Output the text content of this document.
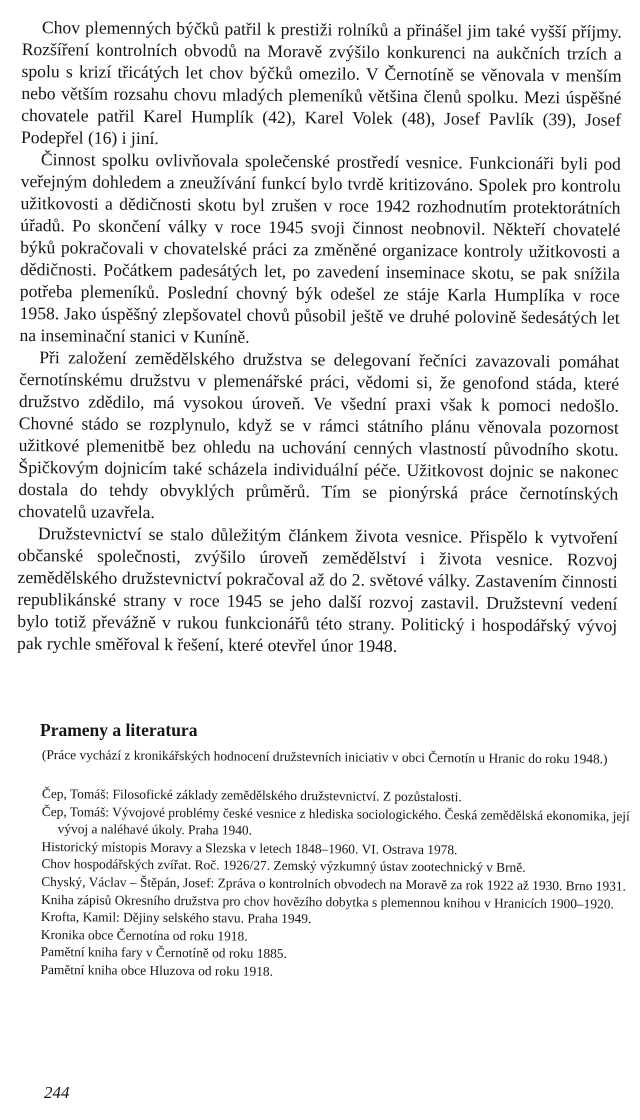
Chov plemenných býčků patřil k prestiži rolníků a přinášel jim také vyšší příjmy. Rozšíření kontrolních obvodů na Moravě zvýšilo konkurenci na aukčních trzích a spolu s krizí třicátých let chov býčků omezilo. V Černotíně se věnovala v menším nebo větším rozsahu chovu mladých plemeníků většina členů spolku. Mezi úspěšné chovatele patřil Karel Humplík (42), Karel Volek (48), Josef Pavlík (39), Josef Podepřel (16) i jiní.

Činnost spolku ovlivňovala společenské prostředí vesnice. Funkcionáři byli pod veřejným dohledem a zneužívání funkcí bylo tvrdě kritizováno. Spolek pro kontrolu užitkovosti a dědičnosti skotu byl zrušen v roce 1942 rozhodnutím protektorátních úřadů. Po skončení války v roce 1945 svoji činnost neobnovil. Někteří chovatelé býků pokračovali v chovatelské práci za změněné organizace kontroly užitkovosti a dědičnosti. Počátkem padesátých let, po zavedení inseminace skotu, se pak snížila potřeba plemeníků. Poslední chovný býk odešel ze stáje Karla Humplíka v roce 1958. Jako úspěšný zlepšovatel chovů působil ještě ve druhé polovině šedesátých let na inseminační stanici v Kuníně.

Při založení zemědělského družstva se delegovaní řečníci zavazovali pomáhat černotínskému družstvu v plemenářské práci, vědomi si, že genofond stáda, které družstvo zdědilo, má vysokou úroveň. Ve všední praxi však k pomoci nedošlo. Chovné stádo se rozplynulo, když se v rámci státního plánu věnovala pozornost užitkové plemenitbě bez ohledu na uchování cenných vlastností původního skotu. Špičkovým dojnicím také scházela individuální péče. Užitkovost dojnic se nakonec dostala do tehdy obvyklých průměrů. Tím se pionýrská práce černotínských chovatelů uzavřela.

Družstevnictví se stalo důležitým článkem života vesnice. Přispělo k vytvoření občanské společnosti, zvýšilo úroveň zemědělství i života vesnice. Rozvoj zemědělského družstevnictví pokračoval až do 2. světové války. Zastavením činnosti republikánské strany v roce 1945 se jeho další rozvoj zastavil. Družstevní vedení bylo totiž převážně v rukou funkcionářů této strany. Politický i hospodářský vývoj pak rychle směřoval k řešení, které otevřel únor 1948.

Prameny a literatura
(Práce vychází z kronikářských hodnocení družstevních iniciativ v obci Černotín u Hranic do roku 1948.)
Čep, Tomáš: Filosofické základy zemědělského družstevnictví. Z pozůstalosti.
Čep, Tomáš: Vývojové problémy české vesnice z hlediska sociologického. Česká zemědělská ekonomika, její vývoj a naléhavé úkoly. Praha 1940.
Historický místopis Moravy a Slezska v letech 1848–1960. VI. Ostrava 1978.
Chov hospodářských zvířat. Roč. 1926/27. Zemský výzkumný ústav zootechnický v Brně.
Chyský, Václav – Štěpán, Josef: Zpráva o kontrolních obvodech na Moravě za rok 1922 až 1930. Brno 1931.
Kniha zápisů Okresního družstva pro chov hovězího dobytka s plemennou knihou v Hranicích 1900–1920.
Krofta, Kamil: Dějiny selského stavu. Praha 1949.
Kronika obce Černotína od roku 1918.
Pamětní kniha fary v Černotíně od roku 1885.
Pamětní kniha obce Hluzova od roku 1918.
244
